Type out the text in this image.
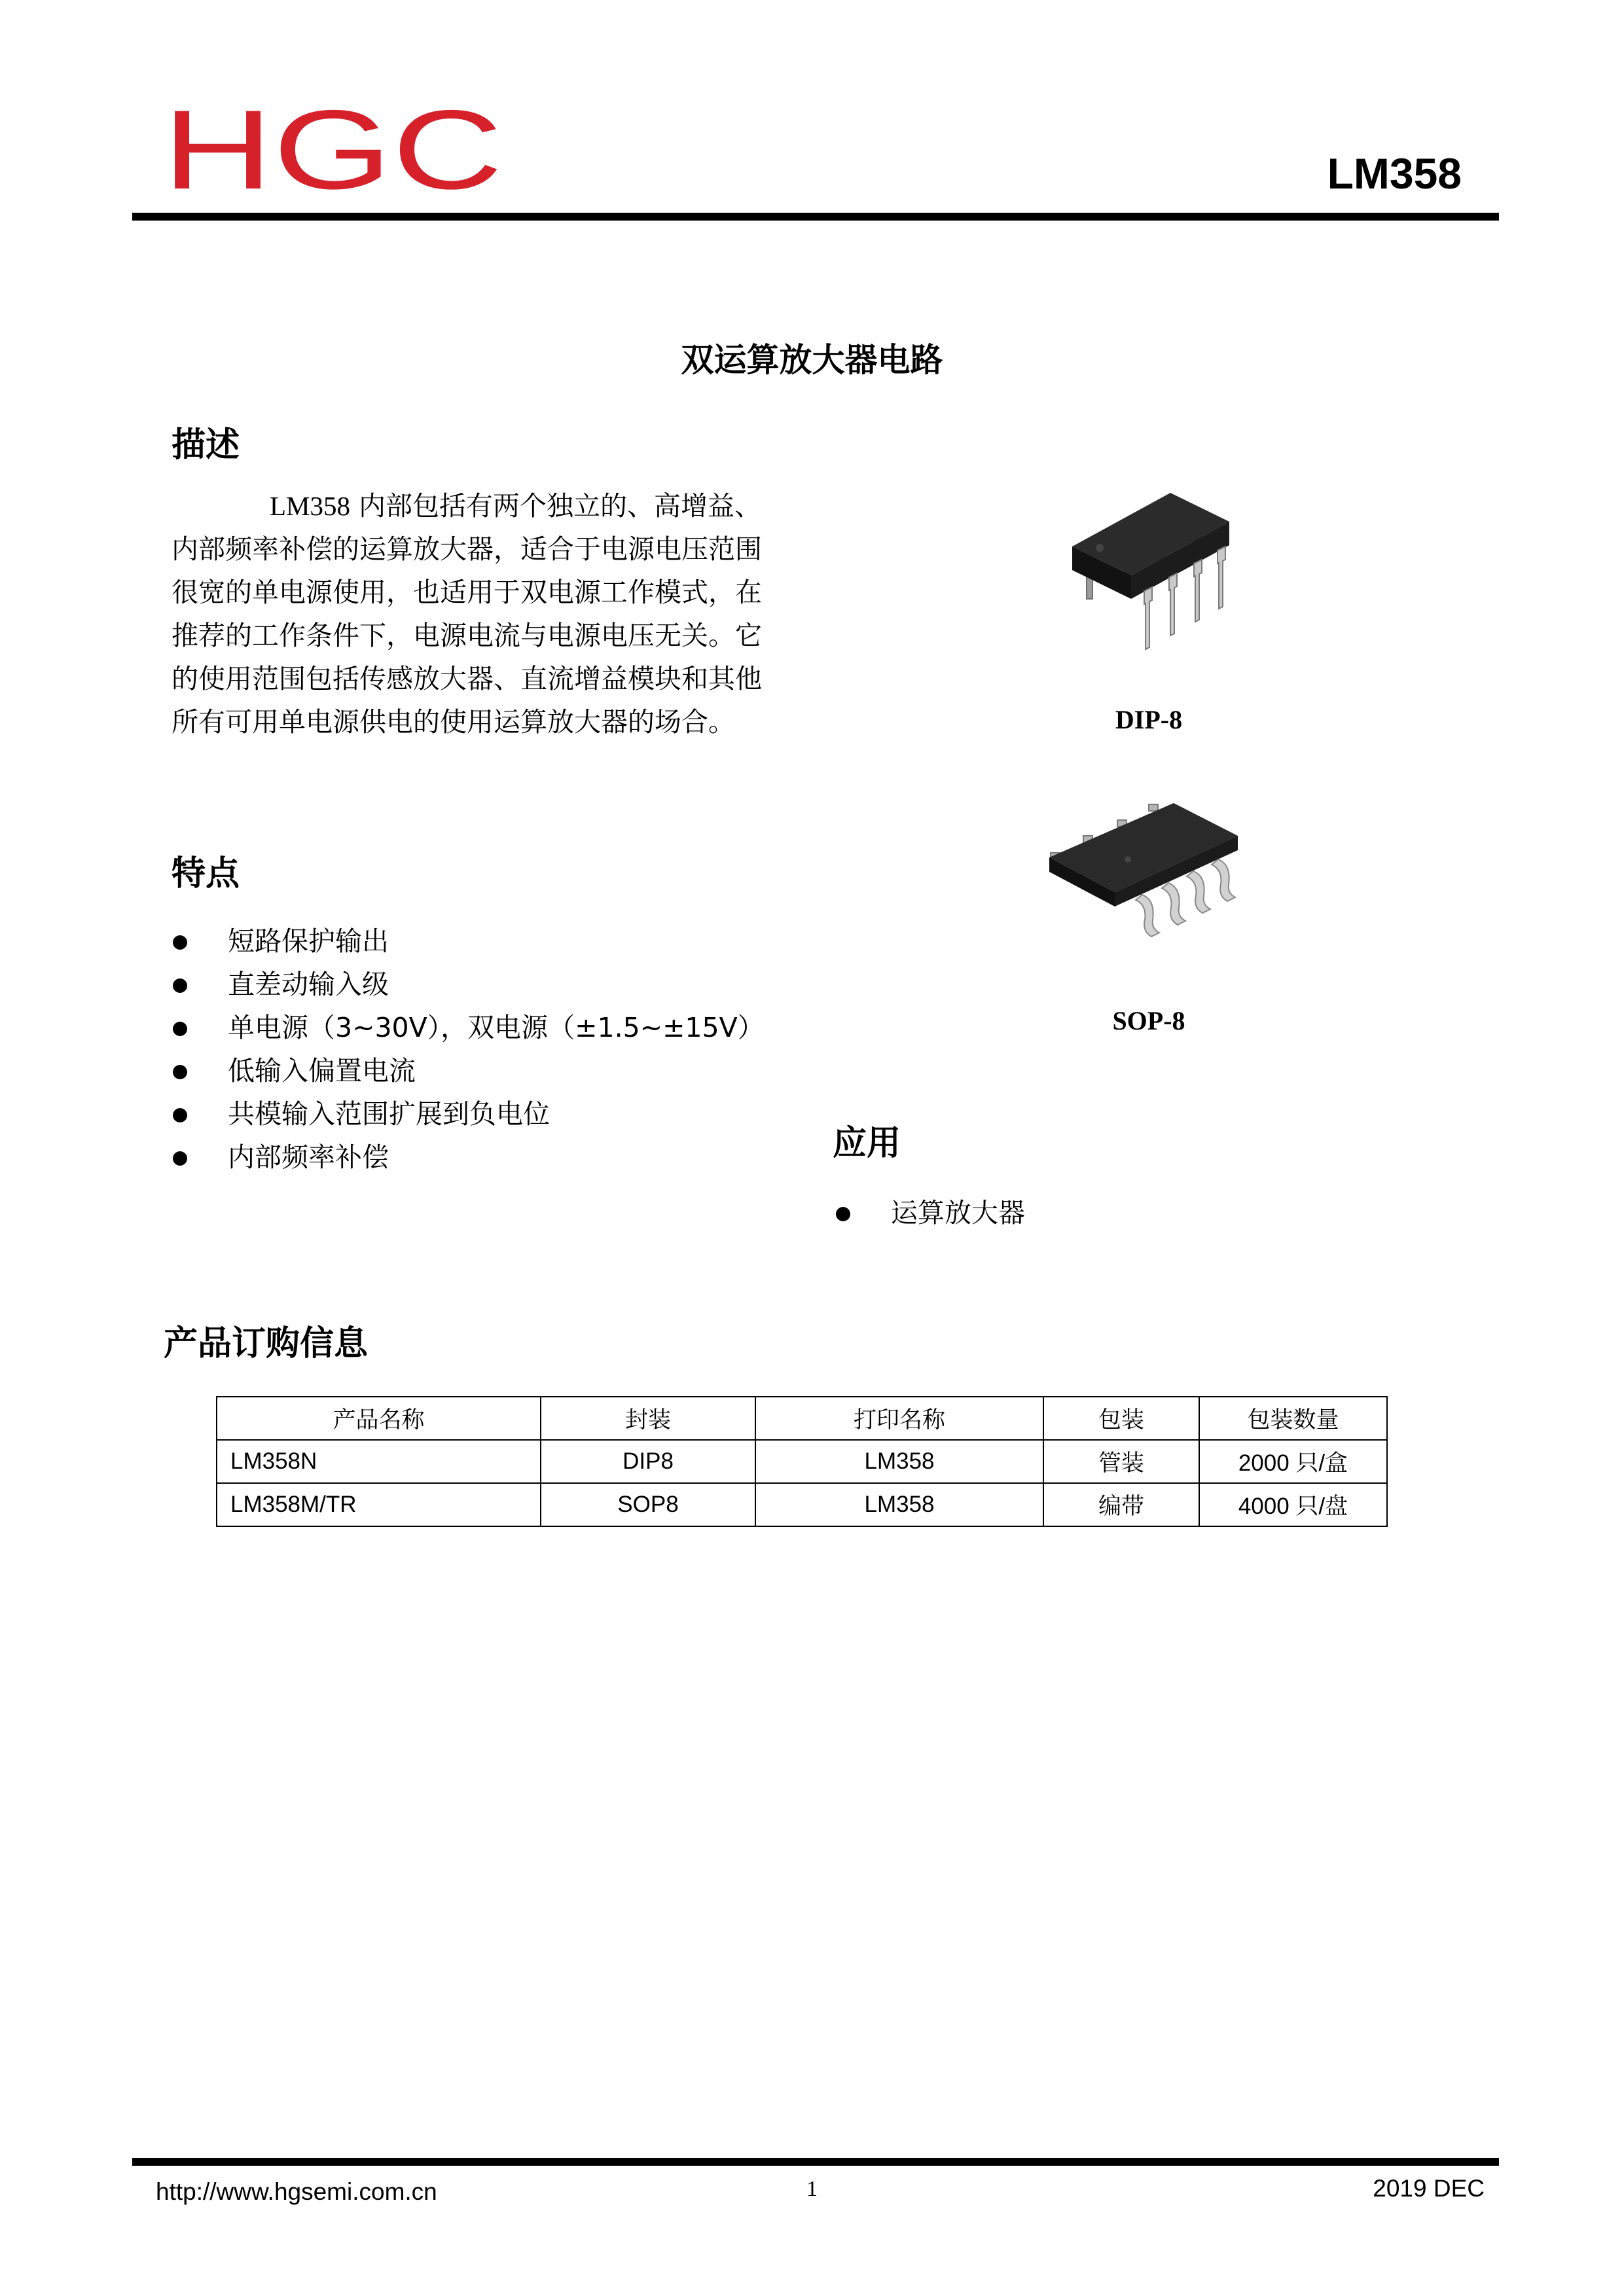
HGC	LM358
双运算放大器电路
描述

LM358 内部包括有两个独立的、高增益、内部频率补偿的运算放大器，适合于电源电压范围很宽的单电源使用，也适用于双电源工作模式，在推荐的工作条件下，电源电流与电源电压无关。它的使用范围包括传感放大器、直流增益模块和其他所有可用单电源供电的使用运算放大器的场合。	DIP-8
SOP-8
特点
短路保护输出
直差动输入级
单电源（3~30V），双电源（±1.5~±15V）
低输入偏置电流
共模输入范围扩展到负电位
内部频率补偿	应用
运算放大器
产品订购信息
产品名称	封装	打印名称	包装	包装数量
LM358N	DIP8	LM358	管装	2000 只/盒
LM358M/TR	SOP8	LM358	编带	4000 只/盘
http://www.hgsemi.com.cn	1	2019 DEC
